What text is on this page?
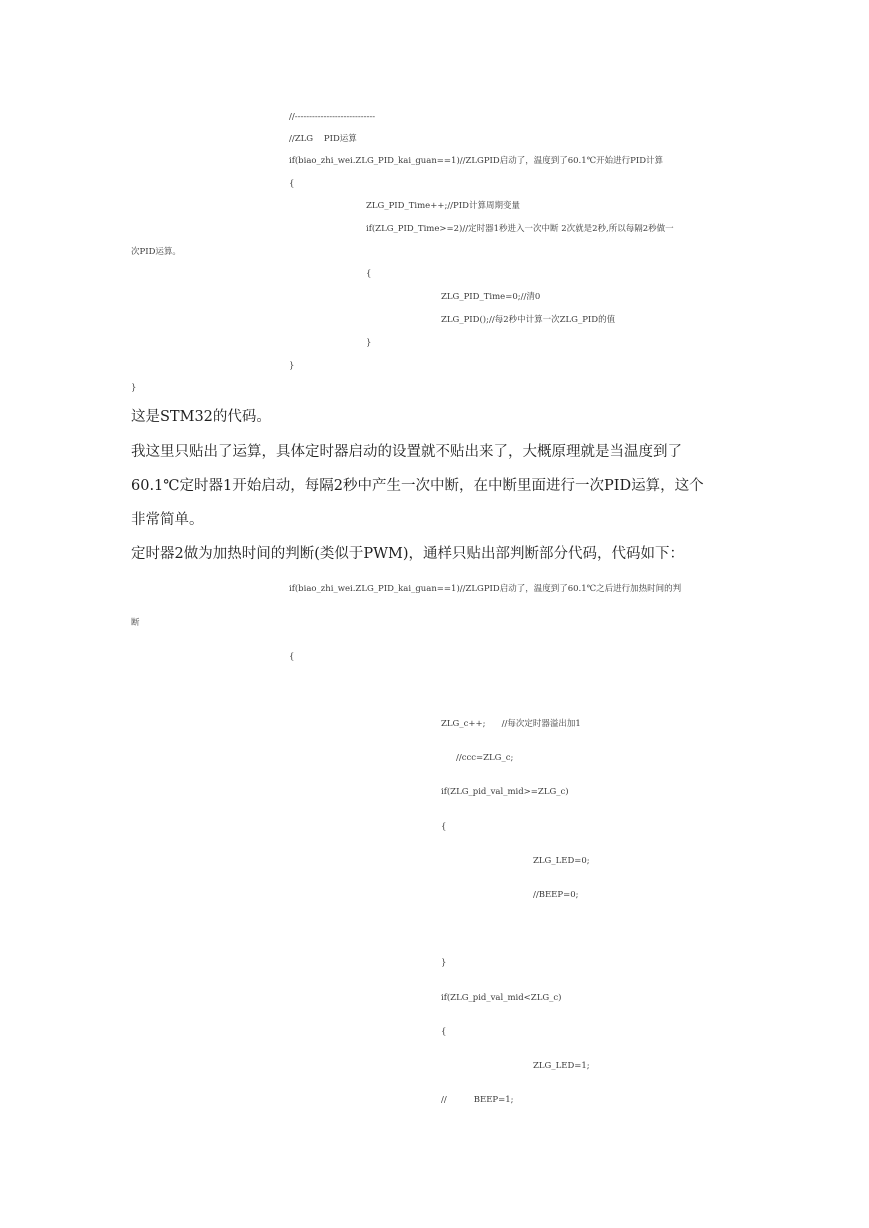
//----------------------------
//ZLG    PID运算
if(biao_zhi_wei.ZLG_PID_kai_guan==1)//ZLGPID启动了，温度到了60.1℃开始进行PID计算
{
ZLG_PID_Time++;//PID计算周期变量
if(ZLG_PID_Time>=2)//定时器1秒进入一次中断 2次就是2秒,所以每隔2秒做一
次PID运算。
{
ZLG_PID_Time=0;//清0
ZLG_PID();//每2秒中计算一次ZLG_PID的值
}
}
}
这是STM32的代码。
我这里只贴出了运算，具体定时器启动的设置就不贴出来了，大概原理就是当温度到了
60.1℃定时器1开始启动，每隔2秒中产生一次中断，在中断里面进行一次PID运算，这个
非常简单。
定时器2做为加热时间的判断(类似于PWM)，通样只贴出部判断部分代码，代码如下：
if(biao_zhi_wei.ZLG_PID_kai_guan==1)//ZLGPID启动了，温度到了60.1℃之后进行加热时间的判
断
{
ZLG_c++;      //每次定时器溢出加1
//ccc=ZLG_c;
if(ZLG_pid_val_mid>=ZLG_c)
{
ZLG_LED=0;
//BEEP=0;
}
if(ZLG_pid_val_mid<ZLG_c)
{
ZLG_LED=1;
//          BEEP=1;
